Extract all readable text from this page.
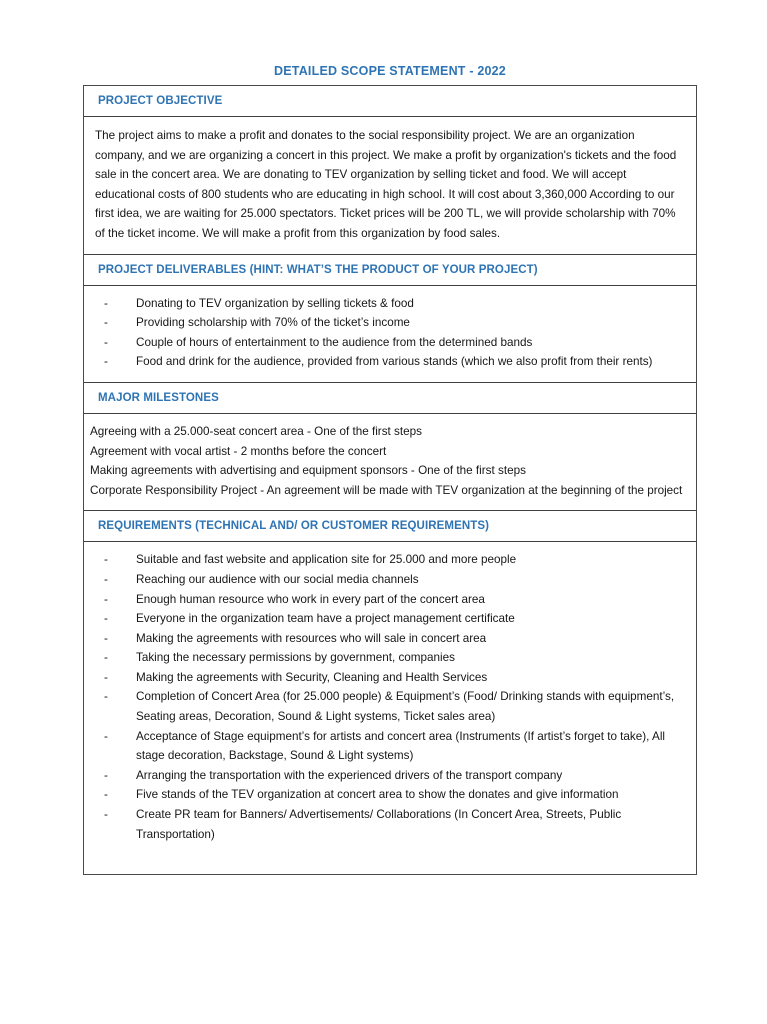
DETAILED SCOPE STATEMENT - 2022
PROJECT OBJECTIVE

The project aims to make a profit and donates to the social responsibility project. We are an organization company, and we are organizing a concert in this project. We make a profit by organization's tickets and the food sale in the concert area. We are donating to TEV organization by selling ticket and food. We will accept educational costs of 800 students who are educating in high school. It will cost about 3,360,000 According to our first idea, we are waiting for 25.000 spectators. Ticket prices will be 200 TL, we will provide scholarship with 70% of the ticket income. We will make a profit from this organization by food sales.

PROJECT DELIVERABLES (HINT: WHAT’S THE PRODUCT OF YOUR PROJECT)
- Donating to TEV organization by selling tickets & food
- Providing scholarship with 70% of the ticket’s income
- Couple of hours of entertainment to the audience from the determined bands
- Food and drink for the audience, provided from various stands (which we also profit from their rents)
MAJOR MILESTONES
Agreeing with a 25.000-seat concert area - One of the first steps
Agreement with vocal artist - 2 months before the concert
Making agreements with advertising and equipment sponsors - One of the first steps
Corporate Responsibility Project - An agreement will be made with TEV organization at the beginning of the project
REQUIREMENTS (TECHNICAL AND/ OR CUSTOMER REQUIREMENTS)
- Suitable and fast website and application site for 25.000 and more people
- Reaching our audience with our social media channels
- Enough human resource who work in every part of the concert area
- Everyone in the organization team have a project management certificate
- Making the agreements with resources who will sale in concert area
- Taking the necessary permissions by government, companies
- Making the agreements with Security, Cleaning and Health Services
- Completion of Concert Area (for 25.000 people) & Equipment’s (Food/ Drinking stands with equipment’s, Seating areas, Decoration, Sound & Light systems, Ticket sales area)
- Acceptance of Stage equipment’s for artists and concert area (Instruments (If artist’s forget to take), All stage decoration, Backstage, Sound & Light systems)
- Arranging the transportation with the experienced drivers of the transport company
- Five stands of the TEV organization at concert area to show the donates and give information
- Create PR team for Banners/ Advertisements/ Collaborations (In Concert Area, Streets, Public Transportation)
